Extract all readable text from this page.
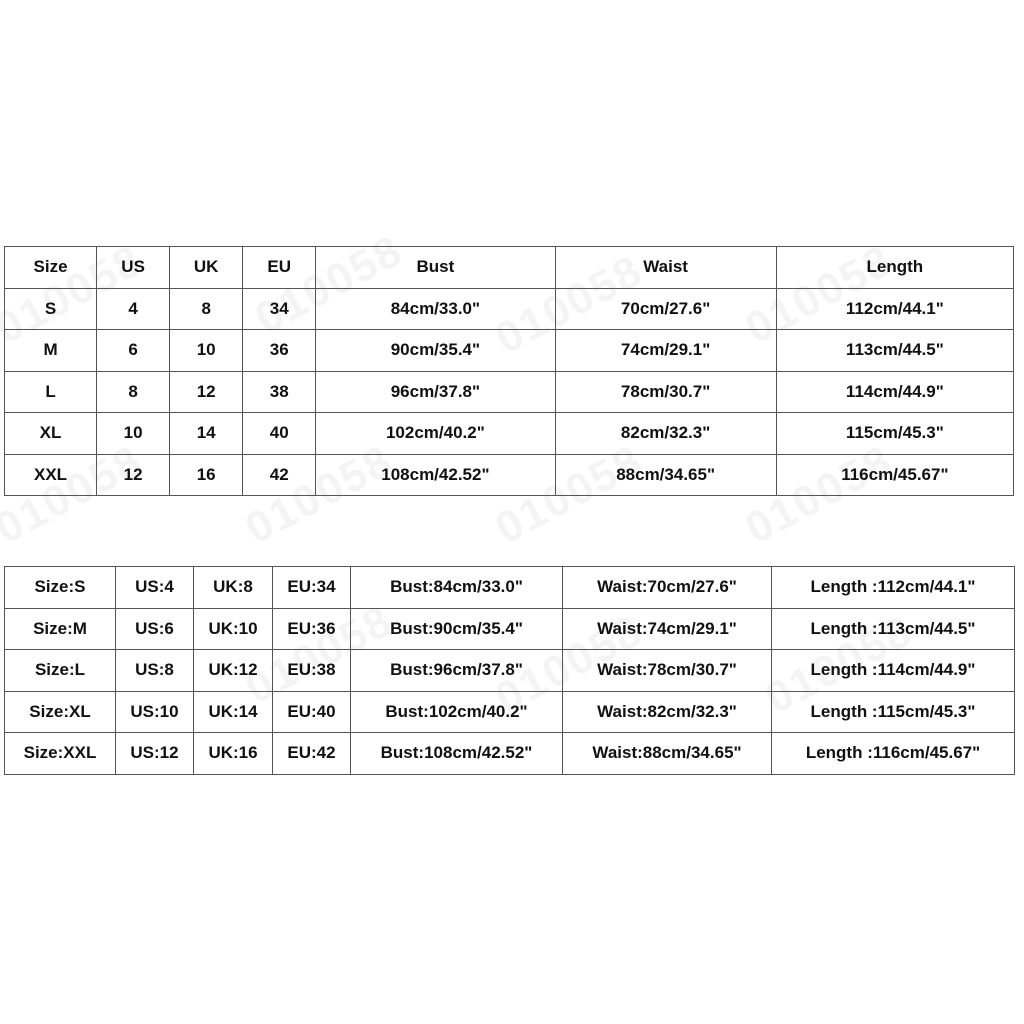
Size	US	UK	EU	Bust	Waist	Length
S	4	8	34	84cm/33.0"	70cm/27.6"	112cm/44.1"
M	6	10	36	90cm/35.4"	74cm/29.1"	113cm/44.5"
L	8	12	38	96cm/37.8"	78cm/30.7"	114cm/44.9"
XL	10	14	40	102cm/40.2"	82cm/32.3"	115cm/45.3"
XXL	12	16	42	108cm/42.52"	88cm/34.65"	116cm/45.67"
Size:S	US:4	UK:8	EU:34	Bust:84cm/33.0"	Waist:70cm/27.6"	Length :112cm/44.1"
Size:M	US:6	UK:10	EU:36	Bust:90cm/35.4"	Waist:74cm/29.1"	Length :113cm/44.5"
Size:L	US:8	UK:12	EU:38	Bust:96cm/37.8"	Waist:78cm/30.7"	Length :114cm/44.9"
Size:XL	US:10	UK:14	EU:40	Bust:102cm/40.2"	Waist:82cm/32.3"	Length :115cm/45.3"
Size:XXL	US:12	UK:16	EU:42	Bust:108cm/42.52"	Waist:88cm/34.65"	Length :116cm/45.67"
